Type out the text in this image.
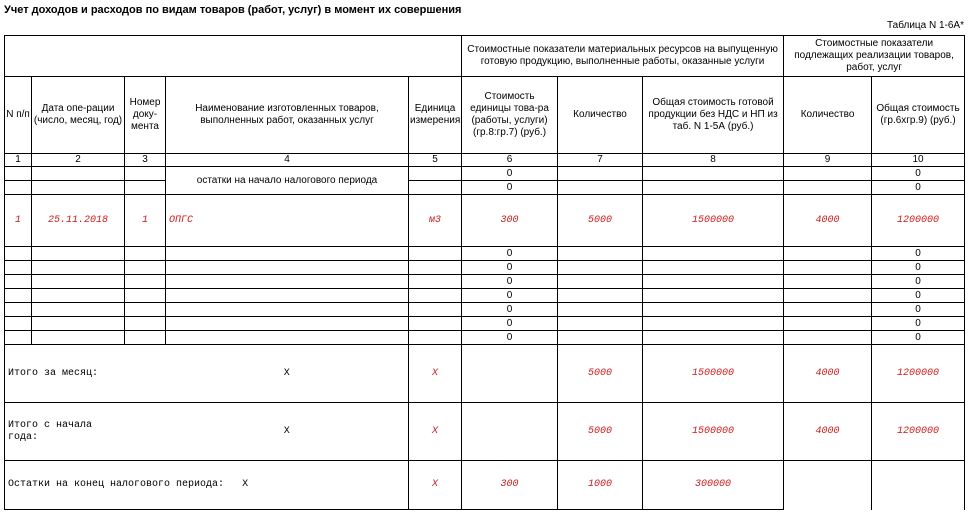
Учет доходов и расходов по видам товаров (работ, услуг) в момент их совершения
Таблица N 1-6А*
					Стоимостные показатели материальных ресурсов на выпущенную готовую продукцию, выполненные работы, оказанные услуги			Стоимостные показатели подлежащих реализации товаров, работ, услуг	
N п/п	Дата опе-рации (число, месяц, год)	Номер доку-мента	Наименование изготовленных товаров, выполненных работ, оказанных услуг	Единица измерения	Стоимость единицы това-ра (работы, услуги) (гр.8:гр.7) (руб.)	Количество	Общая стоимость готовой продукции без НДС и НП из таб. N 1-5А (руб.)	Количество	Общая стоимость (гр.6хгр.9) (руб.)
1	2	3	4	5	6	7	8	9	10
			остатки на начало налогового периода		0				0
					0				0
1	25.11.2018	1	ОПГС	м3	300	5000	1500000	4000	1200000
					0				0
					0				0
					0				0
					0				0
					0				0
					0				0
					0				0
Итого за месяц:			Х	Х		5000	1500000	4000	1200000

Итого с начала
года:			Х	Х		5000	1500000	4000	1200000
Остатки на конец налогового периода: Х				Х	300	1000	300000		
